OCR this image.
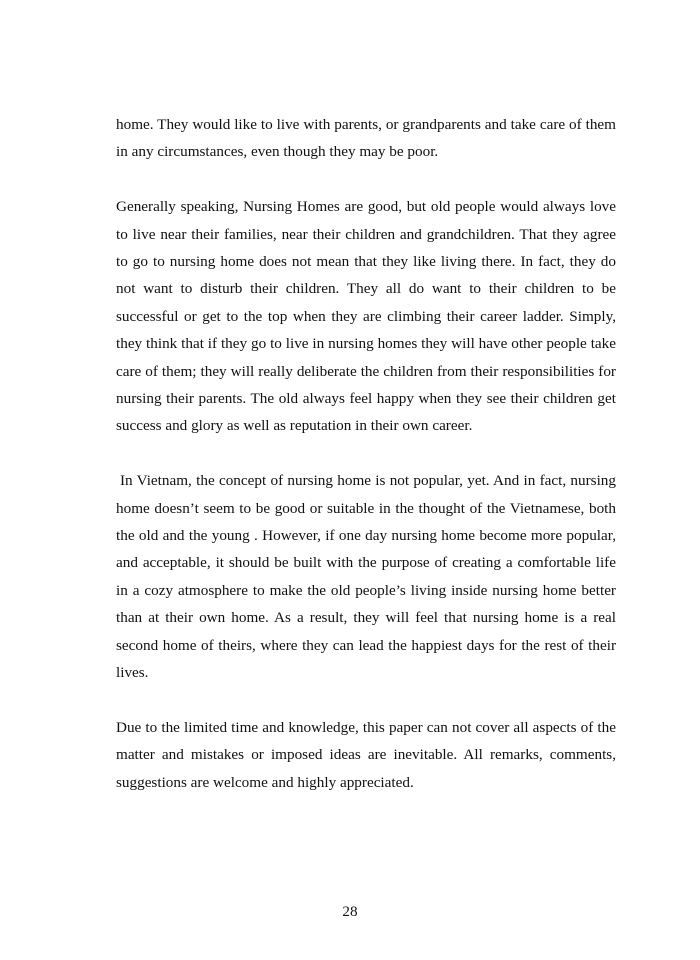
home. They would like to live with parents, or grandparents and take care of them in any circumstances, even though they may be poor.

Generally speaking, Nursing Homes are good, but old people would always love to live near their families, near their children and grandchildren. That they agree to go to nursing home does not mean that they like living there. In fact, they do not want to disturb their children. They all do want to their children to be successful or get to the top when they are climbing their career ladder. Simply, they think that if they go to live in nursing homes they will have other people take care of them; they will really deliberate the children from their responsibilities for nursing their parents. The old always feel happy when they see their children get success and glory as well as reputation in their own career.

In Vietnam, the concept of nursing home is not popular, yet. And in fact, nursing home doesn’t seem to be good or suitable in the thought of the Vietnamese, both the old and the young . However, if one day nursing home become more popular, and acceptable, it should be built with the purpose of creating a comfortable life in a cozy atmosphere to make the old people’s living inside nursing home better than at their own home. As a result, they will feel that nursing home is a real second home of theirs, where they can lead the happiest days for the rest of their lives.

Due to the limited time and knowledge, this paper can not cover all aspects of the matter and mistakes or imposed ideas are inevitable. All remarks, comments, suggestions are welcome and highly appreciated.

28
